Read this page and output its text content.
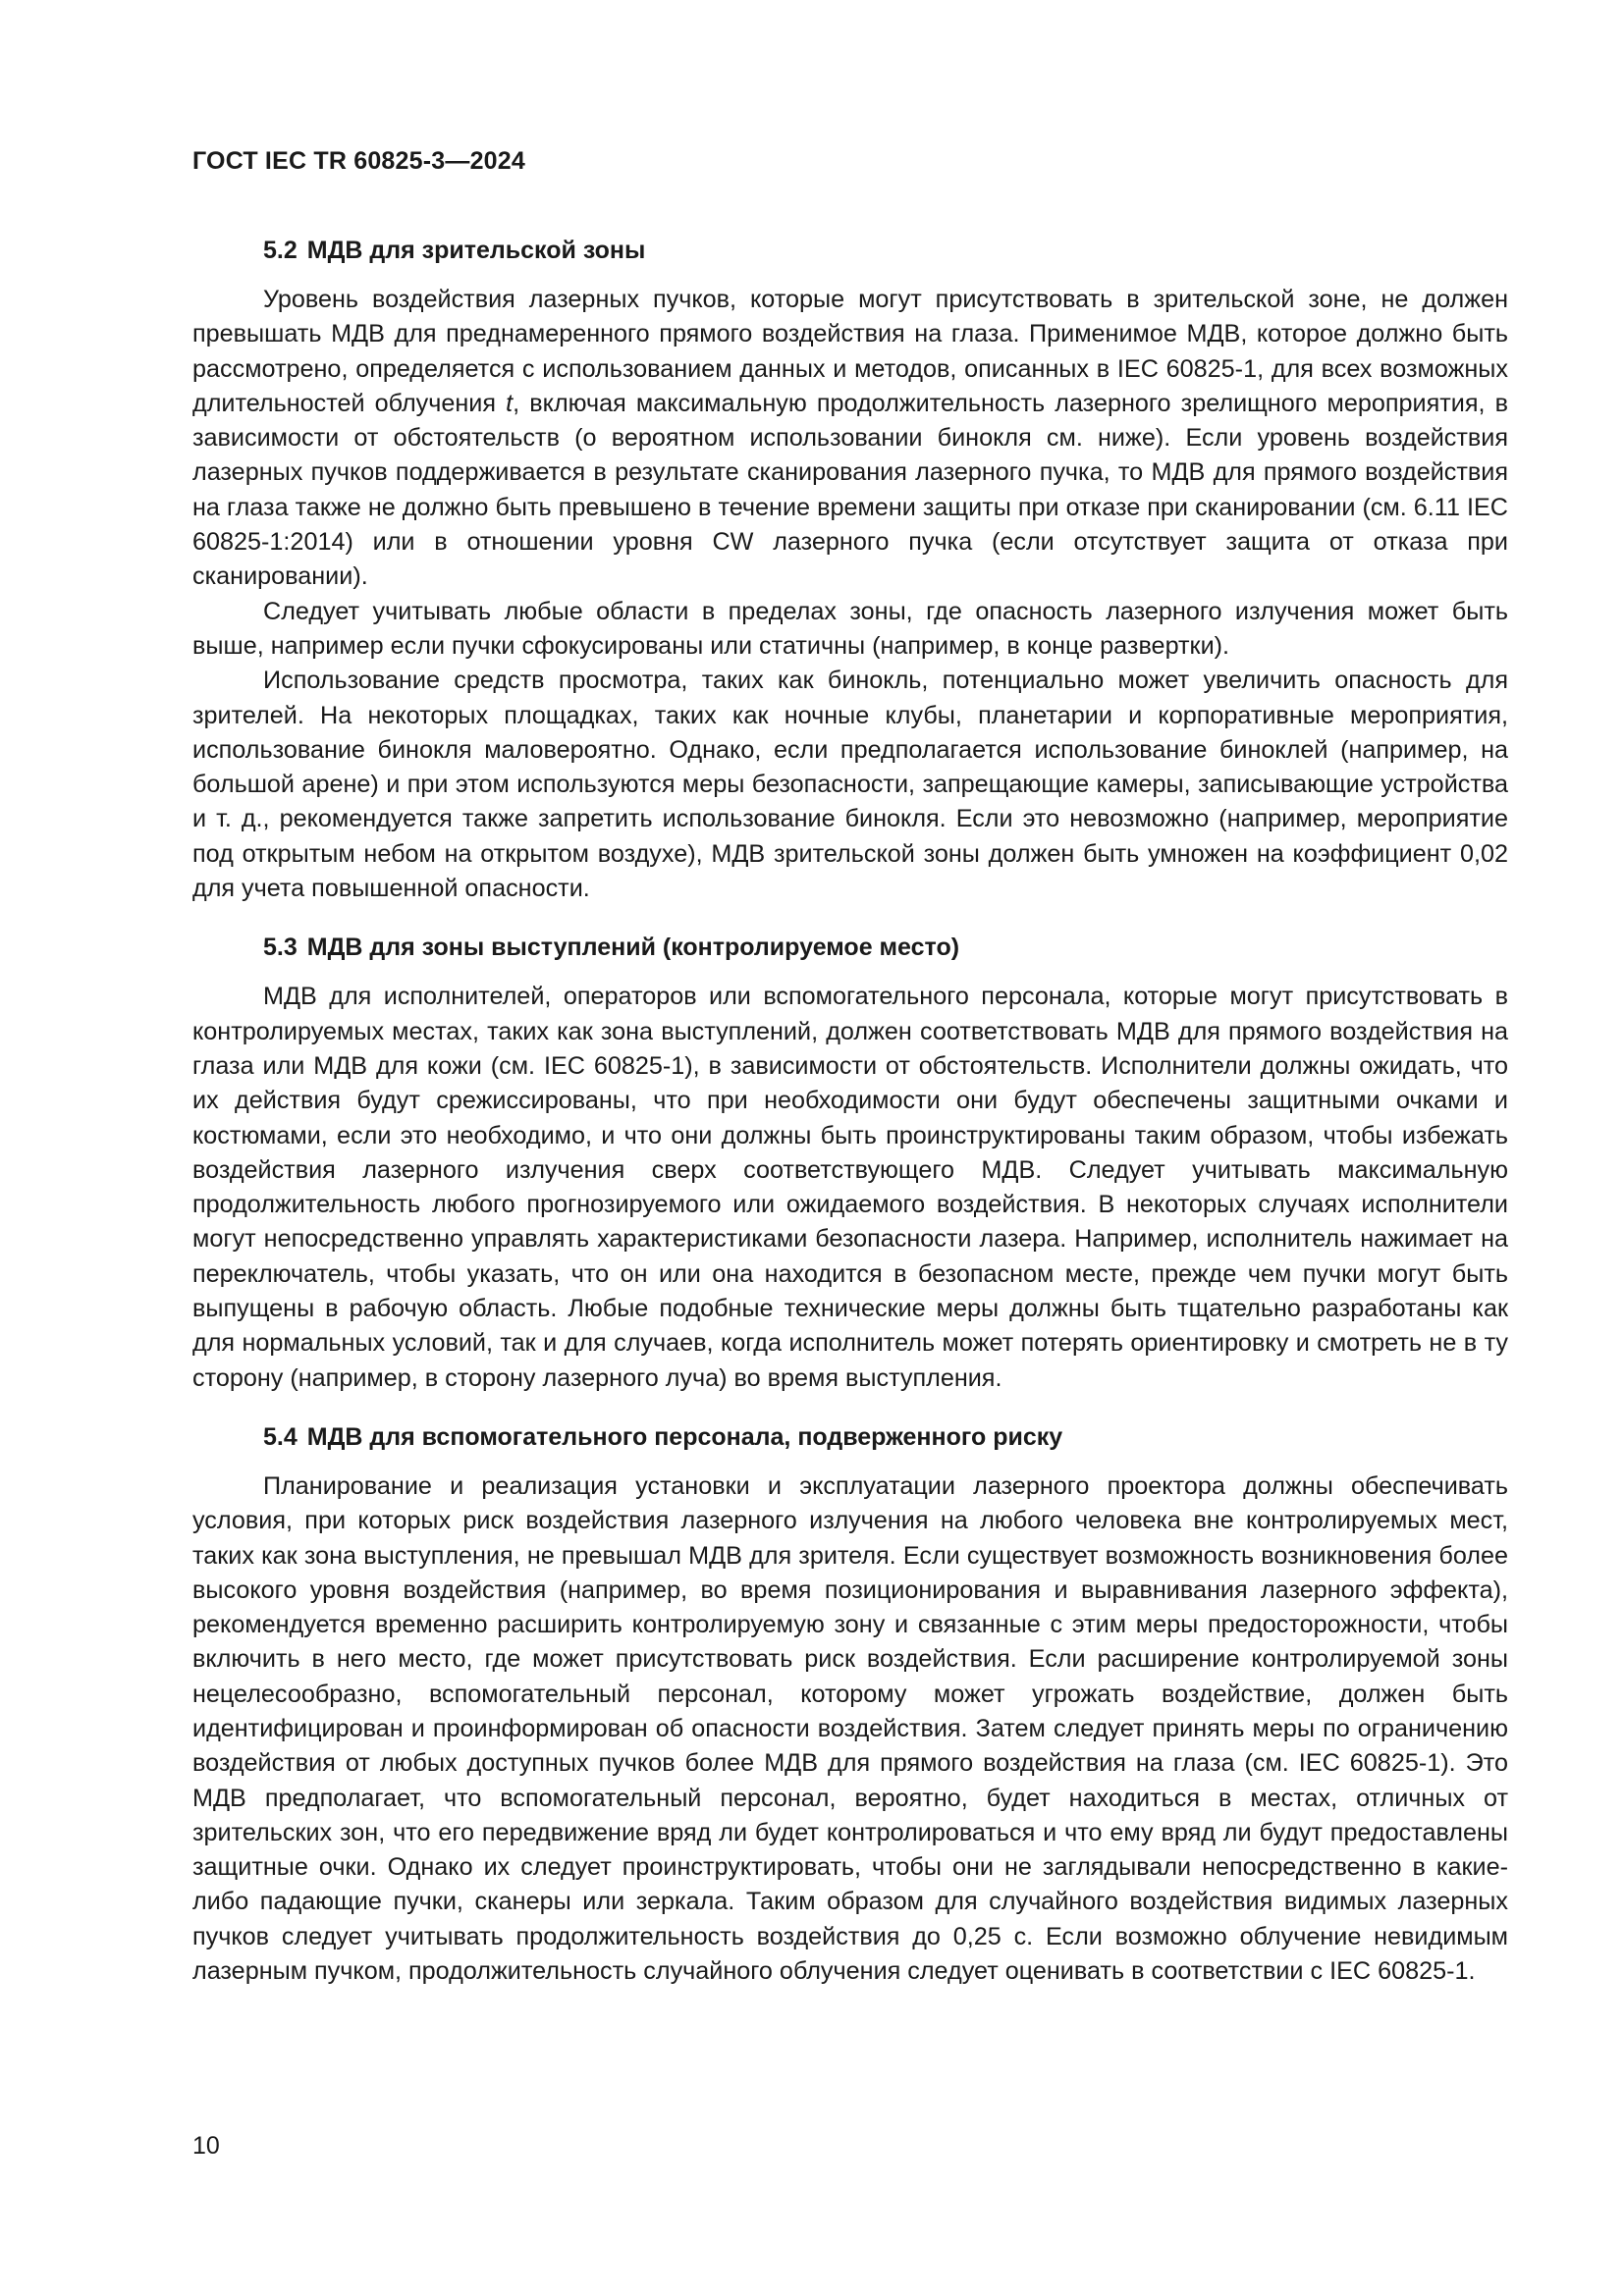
ГОСТ IEC TR 60825-3—2024
5.2 МДВ для зрительской зоны

Уровень воздействия лазерных пучков, которые могут присутствовать в зрительской зоне, не должен превышать МДВ для преднамеренного прямого воздействия на глаза. Применимое МДВ, которое должно быть рассмотрено, определяется с использованием данных и методов, описанных в IEC 60825-1, для всех возможных длительностей облучения t, включая максимальную продолжительность лазерного зрелищного мероприятия, в зависимости от обстоятельств (о вероятном использовании бинокля см. ниже). Если уровень воздействия лазерных пучков поддерживается в результате сканирования лазерного пучка, то МДВ для прямого воздействия на глаза также не должно быть превышено в течение времени защиты при отказе при сканировании (см. 6.11 IEC 60825-1:2014) или в отношении уровня CW лазерного пучка (если отсутствует защита от отказа при сканировании).

Следует учитывать любые области в пределах зоны, где опасность лазерного излучения может быть выше, например если пучки сфокусированы или статичны (например, в конце развертки).

Использование средств просмотра, таких как бинокль, потенциально может увеличить опасность для зрителей. На некоторых площадках, таких как ночные клубы, планетарии и корпоративные мероприятия, использование бинокля маловероятно. Однако, если предполагается использование биноклей (например, на большой арене) и при этом используются меры безопасности, запрещающие камеры, записывающие устройства и т. д., рекомендуется также запретить использование бинокля. Если это невозможно (например, мероприятие под открытым небом на открытом воздухе), МДВ зрительской зоны должен быть умножен на коэффициент 0,02 для учета повышенной опасности.

5.3 МДВ для зоны выступлений (контролируемое место)

МДВ для исполнителей, операторов или вспомогательного персонала, которые могут присутствовать в контролируемых местах, таких как зона выступлений, должен соответствовать МДВ для прямого воздействия на глаза или МДВ для кожи (см. IEC 60825-1), в зависимости от обстоятельств. Исполнители должны ожидать, что их действия будут срежиссированы, что при необходимости они будут обеспечены защитными очками и костюмами, если это необходимо, и что они должны быть проинструктированы таким образом, чтобы избежать воздействия лазерного излучения сверх соответствующего МДВ. Следует учитывать максимальную продолжительность любого прогнозируемого или ожидаемого воздействия. В некоторых случаях исполнители могут непосредственно управлять характеристиками безопасности лазера. Например, исполнитель нажимает на переключатель, чтобы указать, что он или она находится в безопасном месте, прежде чем пучки могут быть выпущены в рабочую область. Любые подобные технические меры должны быть тщательно разработаны как для нормальных условий, так и для случаев, когда исполнитель может потерять ориентировку и смотреть не в ту сторону (например, в сторону лазерного луча) во время выступления.

5.4 МДВ для вспомогательного персонала, подверженного риску

Планирование и реализация установки и эксплуатации лазерного проектора должны обеспечивать условия, при которых риск воздействия лазерного излучения на любого человека вне контролируемых мест, таких как зона выступления, не превышал МДВ для зрителя. Если существует возможность возникновения более высокого уровня воздействия (например, во время позиционирования и выравнивания лазерного эффекта), рекомендуется временно расширить контролируемую зону и связанные с этим меры предосторожности, чтобы включить в него место, где может присутствовать риск воздействия. Если расширение контролируемой зоны нецелесообразно, вспомогательный персонал, которому может угрожать воздействие, должен быть идентифицирован и проинформирован об опасности воздействия. Затем следует принять меры по ограничению воздействия от любых доступных пучков более МДВ для прямого воздействия на глаза (см. IEC 60825-1). Это МДВ предполагает, что вспомогательный персонал, вероятно, будет находиться в местах, отличных от зрительских зон, что его передвижение вряд ли будет контролироваться и что ему вряд ли будут предоставлены защитные очки. Однако их следует проинструктировать, чтобы они не заглядывали непосредственно в какие-либо падающие пучки, сканеры или зеркала. Таким образом для случайного воздействия видимых лазерных пучков следует учитывать продолжительность воздействия до 0,25 с. Если возможно облучение невидимым лазерным пучком, продолжительность случайного облучения следует оценивать в соответствии с IEC 60825-1.

10
